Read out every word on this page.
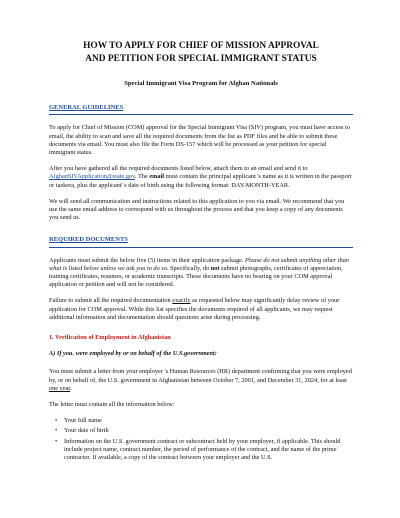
HOW TO APPLY FOR CHIEF OF MISSION APPROVAL
AND PETITION FOR SPECIAL IMMIGRANT STATUS
Special Immigrant Visa Program for Afghan Nationals
GENERAL GUIDELINES

To apply for Chief of Mission (COM) approval for the Special Immigrant Visa (SIV) program, you must have access to email, the ability to scan and save all the required documents from the list as PDF files and be able to submit these documents via email. You must also file the Form DS-157 which will be processed as your petition for special immigrant status.

After you have gathered all the required documents listed below, attach them to an email and send it to AfghanSIVApplication@state.gov. The email must contain the principal applicant 's name as it is written in the passport or tazkera, plus the applicant' s date of birth using the following format: DAY-MONTH-YEAR.

We will send all communication and instructions related to this application to you via email. We recommend that you use the same email address to correspond with us throughout the process and that you keep a copy of any documents you send us.

REQUIRED DOCUMENTS

Applicants must submit the below five (5) items in their application package. Please do not submit anything other than what is listed below unless we ask you to do so. Specifically, do not submit photographs, certificates of appreciation, training certificates, resumes, or academic transcripts. These documents have no bearing on your COM approval application or petition and will not be considered.

Failure to submit all the required documentation exactly as requested below may significantly delay review of your application for COM approval. While this list specifies the documents required of all applicants, we may request additional information and documentation should questions arise during processing.

1. Verification of Employment in Afghanistan
A) If you. were employed by or on behalf of the U.S.government:

You must submit a letter from your employer 's Human Resources (HR) department confirming that you were employed by, or on behalf of, the U.S. government in Afghanistan between October 7, 2001, and December 31, 2024, for at least one year.

The letter must contain all the information below:

• Your full name
• Your date of birth
• Information on the U.S. government contract or subcontract held by your employer, if applicable. This should include project name, contract number, the period of performance of the contract, and the name of the prime contractor. If available, a copy of the contract between your employer and the U.S.
